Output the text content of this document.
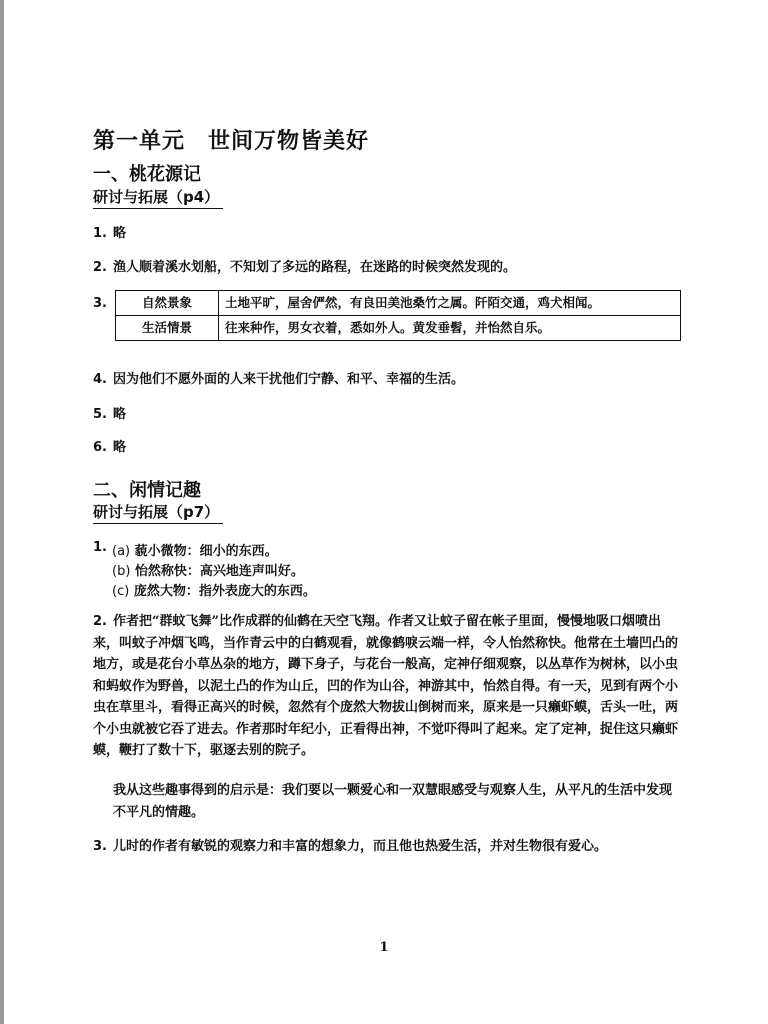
第一单元　世间万物皆美好
一、桃花源记
研讨与拓展（p4）
1. 略
2. 渔人顺着溪水划船，不知划了多远的路程，在迷路的时候突然发现的。
3.	自然景象	土地平旷，屋舍俨然，有良田美池桑竹之属。阡陌交通，鸡犬相闻。
生活情景	往来种作，男女衣着，悉如外人。黄发垂髫，并怡然自乐。
4. 因为他们不愿外面的人来干扰他们宁静、和平、幸福的生活。
5. 略
6. 略
二、闲情记趣
研讨与拓展（p7）
1. (a) 藐小微物：细小的东西。
(b) 怡然称快：高兴地连声叫好。
(c) 庞然大物：指外表庞大的东西。
2. 作者把“群蚊飞舞”比作成群的仙鹤在天空飞翔。作者又让蚊子留在帐子里面，慢慢地吸口烟喷出来，叫蚊子冲烟飞鸣，当作青云中的白鹤观看，就像鹤唳云端一样，令人怡然称快。他常在土墙凹凸的地方，或是花台小草丛杂的地方，蹲下身子，与花台一般高，定神仔细观察，以丛草作为树林，以小虫和蚂蚁作为野兽，以泥土凸的作为山丘，凹的作为山谷，神游其中，怡然自得。有一天，见到有两个小虫在草里斗，看得正高兴的时候，忽然有个庞然大物拔山倒树而来，原来是一只癞虾蟆，舌头一吐，两个小虫就被它吞了进去。作者那时年纪小，正看得出神，不觉吓得叫了起来。定了定神，捉住这只癞虾蟆，鞭打了数十下，驱逐去别的院子。
我从这些趣事得到的启示是：我们要以一颗爱心和一双慧眼感受与观察人生，从平凡的生活中发现不平凡的情趣。
3. 儿时的作者有敏锐的观察力和丰富的想象力，而且他也热爱生活，并对生物很有爱心。
1
